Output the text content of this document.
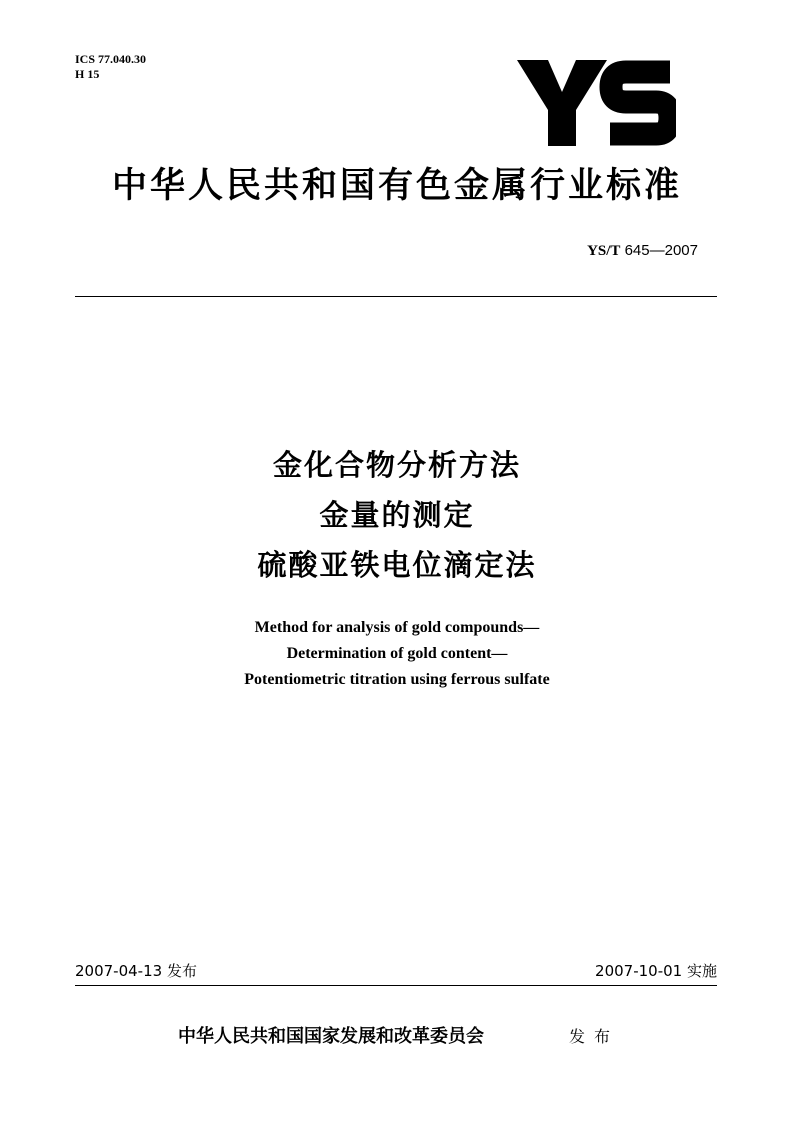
ICS 77.040.30
H 15
中华人民共和国有色金属行业标准
YS/T 645—2007
金化合物分析方法
金量的测定
硫酸亚铁电位滴定法
Method for analysis of gold compounds—
Determination of gold content—
Potentiometric titration using ferrous sulfate
2007-04-13 发布	2007-10-01 实施
中华人民共和国国家发展和改革委员会	发布
